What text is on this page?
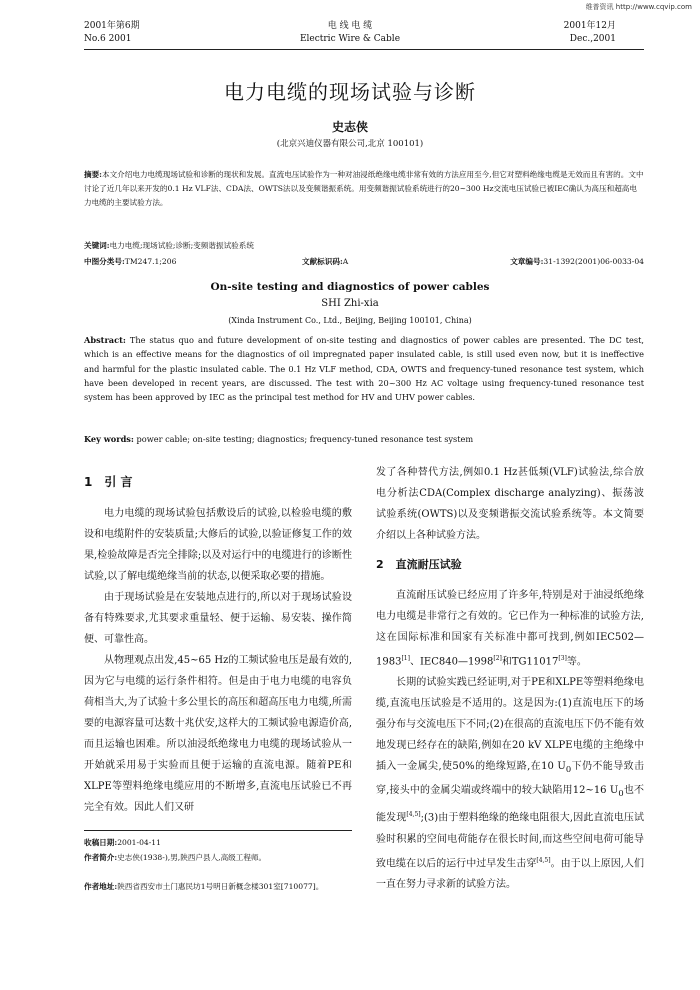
维普资讯 http://www.cqvip.com
2001年第6期
No.6 2001
电 线 电 缆
Electric Wire & Cable
2001年12月
Dec.,2001
电力电缆的现场试验与诊断
史志侠
(北京兴迪仪器有限公司,北京 100101)
摘要:本文介绍电力电缆现场试验和诊断的现状和发展。直流电压试验作为一种对油浸纸绝缘电缆非常有效的方法应用至今,但它对塑料绝缘电缆是无效而且有害的。文中讨论了近几年以来开发的0.1 Hz VLF法、CDA法、OWTS法以及变频谐振系统。用变频谐振试验系统进行的20~300 Hz交流电压试验已被IEC确认为高压和超高电力电缆的主要试验方法。
关键词:电力电缆;现场试验;诊断;变频谐振试验系统
中图分类号:TM247.1;206	文献标识码:A	文章编号:31-1392(2001)06-0033-04
On-site testing and diagnostics of power cables
SHI Zhi-xia
(Xinda Instrument Co., Ltd., Beijing, Beijing 100101, China)
Abstract: The status quo and future development of on-site testing and diagnostics of power cables are presented. The DC test, which is an effective means for the diagnostics of oil impregnated paper insulated cable, is still used even now, but it is ineffective and harmful for the plastic insulated cable. The 0.1 Hz VLF method, CDA, OWTS and frequency-tuned resonance test system, which have been developed in recent years, are discussed. The test with 20~300 Hz AC voltage using frequency-tuned resonance test system has been approved by IEC as the principal test method for HV and UHV power cables.
Key words: power cable; on-site testing; diagnostics; frequency-tuned resonance test system
1 引 言

电力电缆的现场试验包括敷设后的试验,以检验电缆的敷设和电缆附件的安装质量;大修后的试验,以验证修复工作的效果,检验故障是否完全排除;以及对运行中的电缆进行的诊断性试验,以了解电缆绝缘当前的状态,以便采取必要的措施。

由于现场试验是在安装地点进行的,所以对于现场试验设备有特殊要求,尤其要求重量轻、便于运输、易安装、操作简便、可靠性高。

从物理观点出发,45~65 Hz的工频试验电压是最有效的,因为它与电缆的运行条件相符。但是由于电力电缆的电容负荷相当大,为了试验十多公里长的高压和超高压电力电缆,所需要的电源容量可达数十兆伏安,这样大的工频试验电源造价高,而且运输也困难。所以油浸纸绝缘电力电缆的现场试验从一开始就采用易于实验而且便于运输的直流电源。随着PE和XLPE等塑料绝缘电缆应用的不断增多,直流电压试验已不再完全有效。因此人们又研

发了各种替代方法,例如0.1 Hz甚低频(VLF)试验法,综合放电分析法CDA(Complex discharge analyzing)、振荡波试验系统(OWTS)以及变频谐振交流试验系统等。本文简要介绍以上各种试验方法。

2 直流耐压试验

直流耐压试验已经应用了许多年,特别是对于油浸纸绝缘电力电缆是非常行之有效的。它已作为一种标准的试验方法,这在国际标准和国家有关标准中都可找到,例如IEC502—1983[1]、IEC840—1998[2]和TG11017[3]等。

长期的试验实践已经证明,对于PE和XLPE等塑料绝缘电缆,直流电压试验是不适用的。这是因为:(1)直流电压下的场强分布与交流电压下不同;(2)在很高的直流电压下仍不能有效地发现已经存在的缺陷,例如在20 kV XLPE电缆的主绝缘中插入一金属尖,使50%的绝缘短路,在10 $U_0$下仍不能导致击穿,接头中的金属尖端或终端中的较大缺陷用12~16 $U_0$也不能发现[4,5];(3)由于塑料绝缘的绝缘电阻很大,因此直流电压试验时积累的空间电荷能存在很长时间,而这些空间电荷可能导致电缆在以后的运行中过早发生击穿[4,5]。由于以上原因,人们一直在努力寻求新的试验方法。

收稿日期:2001-04-11
作者简介:史志侠(1938-),男,陕西户县人,高级工程师。
作者地址:陕西省西安市土门惠民坊1号明日新概念楼301室[710077]。
